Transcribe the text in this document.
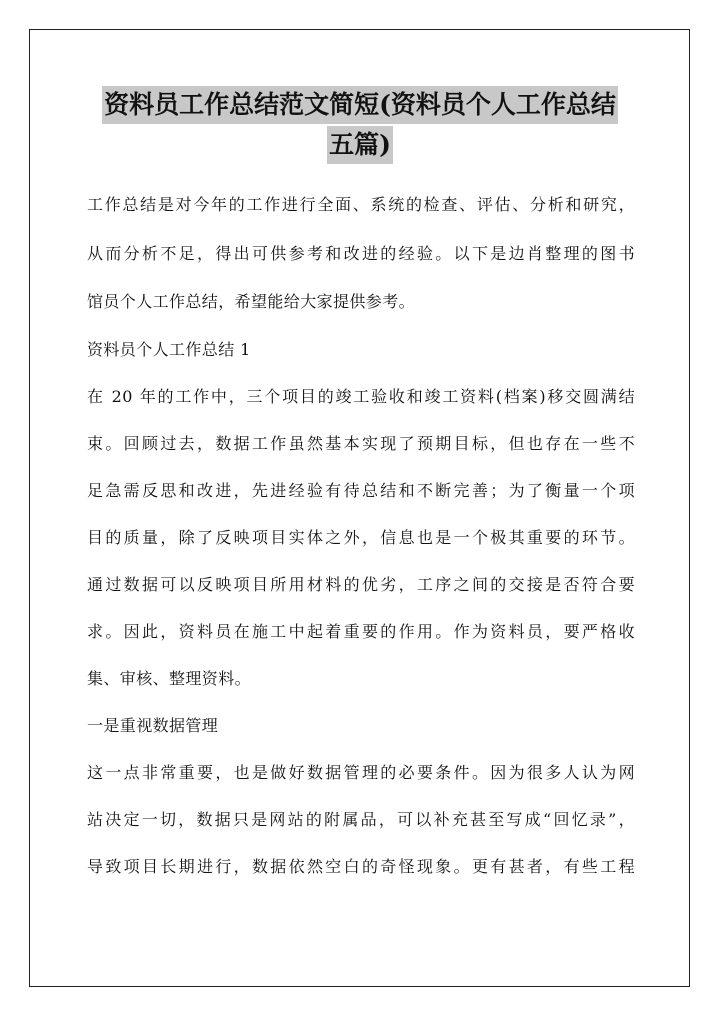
资料员工作总结范文简短(资料员个人工作总结
五篇)
工作总结是对今年的工作进行全面、系统的检查、评估、分析和研究，
从而分析不足，得出可供参考和改进的经验。以下是边肖整理的图书
馆员个人工作总结，希望能给大家提供参考。
资料员个人工作总结 1
在 20 年的工作中，三个项目的竣工验收和竣工资料(档案)移交圆满结
束。回顾过去，数据工作虽然基本实现了预期目标，但也存在一些不
足急需反思和改进，先进经验有待总结和不断完善；为了衡量一个项
目的质量，除了反映项目实体之外，信息也是一个极其重要的环节。
通过数据可以反映项目所用材料的优劣，工序之间的交接是否符合要
求。因此，资料员在施工中起着重要的作用。作为资料员，要严格收
集、审核、整理资料。
一是重视数据管理
这一点非常重要，也是做好数据管理的必要条件。因为很多人认为网
站决定一切，数据只是网站的附属品，可以补充甚至写成“回忆录”，
导致项目长期进行，数据依然空白的奇怪现象。更有甚者，有些工程
